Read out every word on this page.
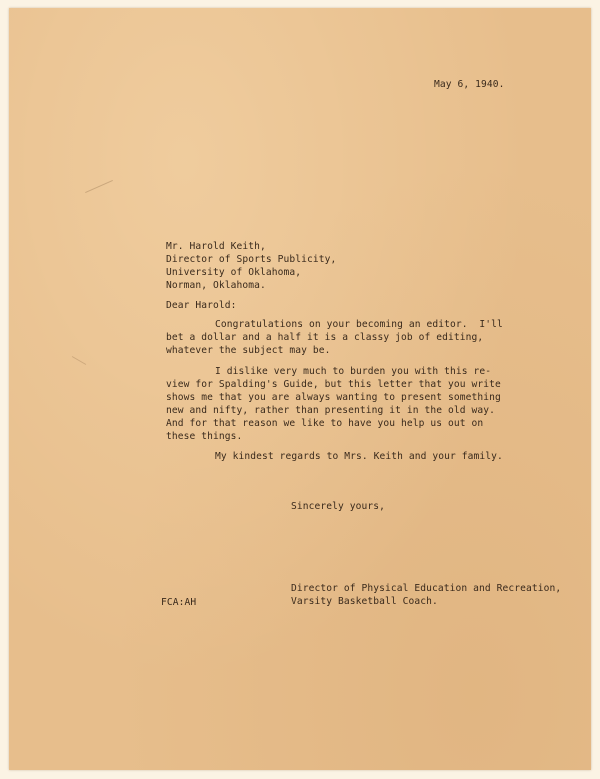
May 6, 1940.
Mr. Harold Keith,
Director of Sports Publicity,
University of Oklahoma,
Norman, Oklahoma.
Dear Harold:
Congratulations on your becoming an editor.  I'll
bet a dollar and a half it is a classy job of editing,
whatever the subject may be.
I dislike very much to burden you with this re-
view for Spalding's Guide, but this letter that you write
shows me that you are always wanting to present something
new and nifty, rather than presenting it in the old way.
And for that reason we like to have you help us out on
these things.
My kindest regards to Mrs. Keith and your family.
Sincerely yours,
Director of Physical Education and Recreation,
Varsity Basketball Coach.
FCA:AH
